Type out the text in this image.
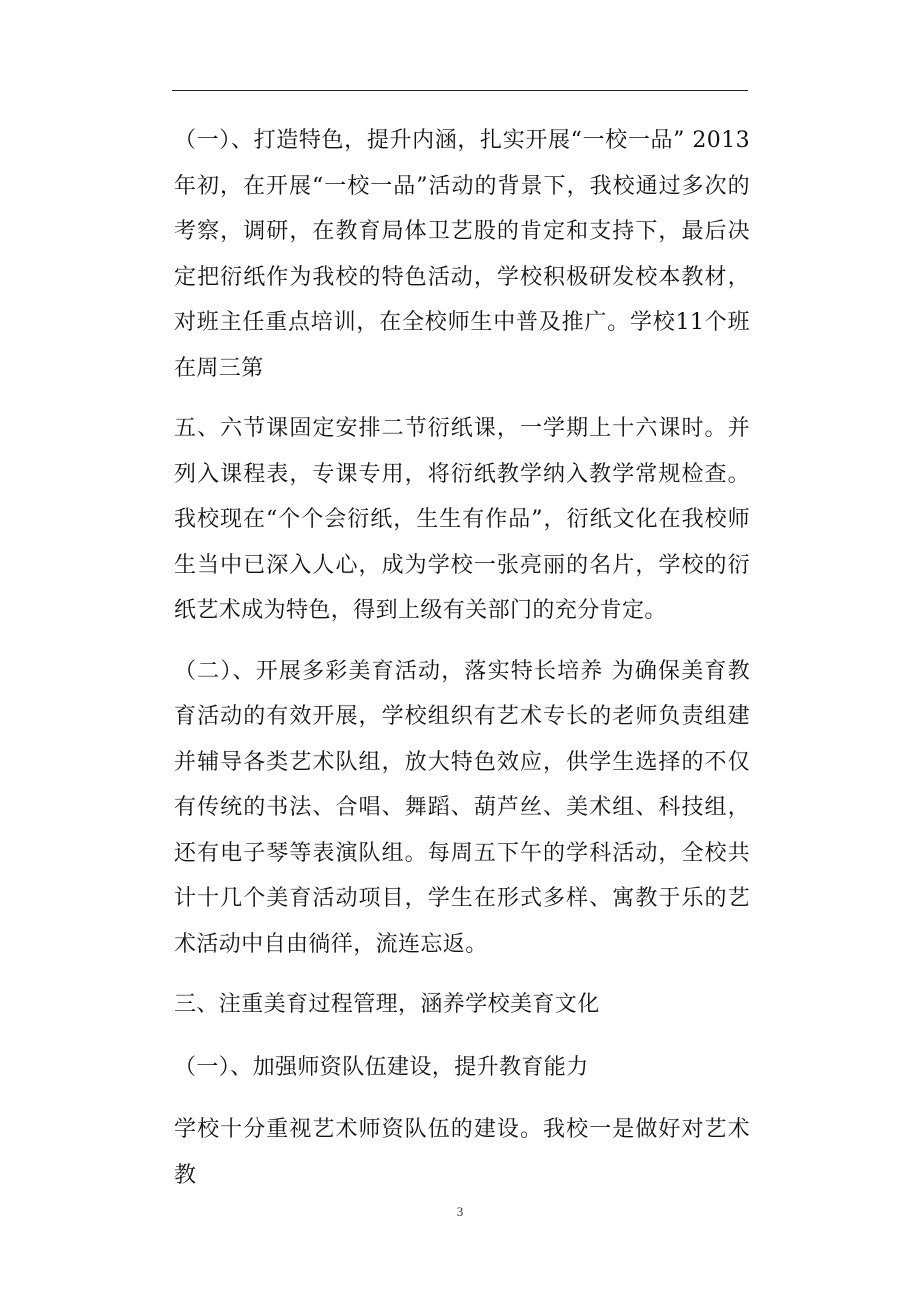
（一）、打造特色，提升内涵，扎实开展“一校一品” 2013年初，在开展“一校一品”活动的背景下，我校通过多次的考察，调研，在教育局体卫艺股的肯定和支持下，最后决定把衍纸作为我校的特色活动，学校积极研发校本教材，对班主任重点培训，在全校师生中普及推广。学校11个班在周三第

五、六节课固定安排二节衍纸课，一学期上十六课时。并列入课程表，专课专用，将衍纸教学纳入教学常规检查。我校现在“个个会衍纸，生生有作品”，衍纸文化在我校师生当中已深入人心，成为学校一张亮丽的名片，学校的衍纸艺术成为特色，得到上级有关部门的充分肯定。

（二）、开展多彩美育活动，落实特长培养 为确保美育教育活动的有效开展，学校组织有艺术专长的老师负责组建并辅导各类艺术队组，放大特色效应，供学生选择的不仅有传统的书法、合唱、舞蹈、葫芦丝、美术组、科技组，还有电子琴等表演队组。每周五下午的学科活动，全校共计十几个美育活动项目，学生在形式多样、寓教于乐的艺术活动中自由徜徉，流连忘返。

三、注重美育过程管理，涵养学校美育文化

（一）、加强师资队伍建设，提升教育能力

学校十分重视艺术师资队伍的建设。我校一是做好对艺术教

3
